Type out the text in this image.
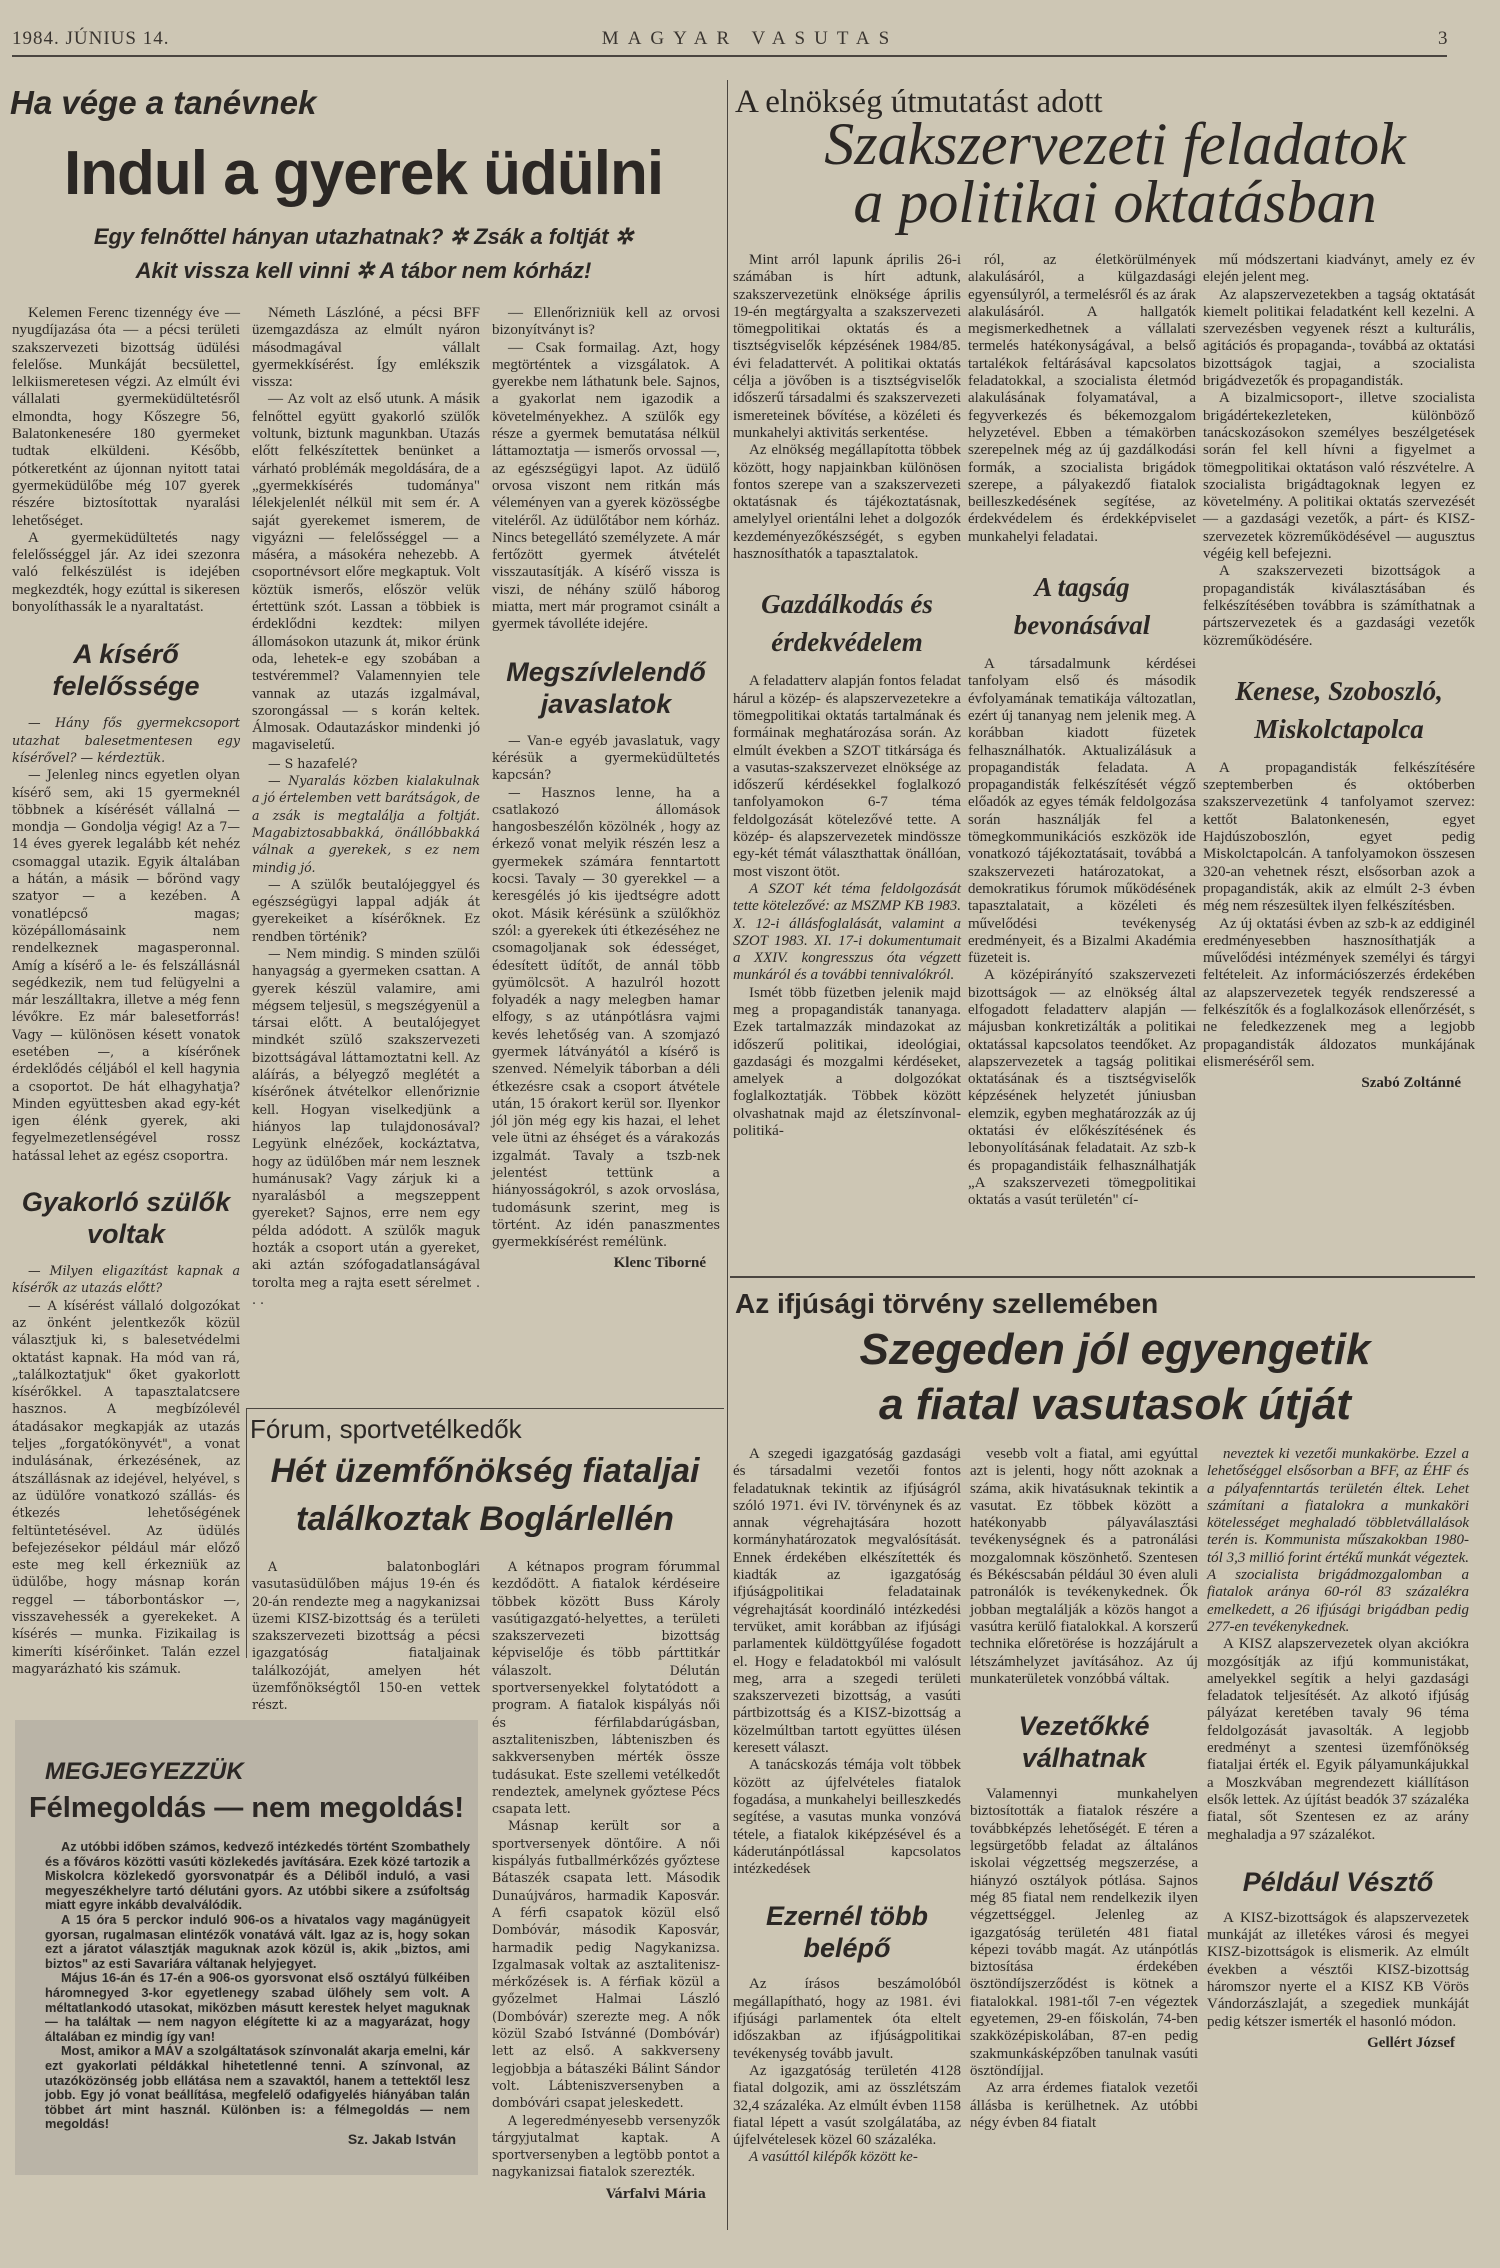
1984. JÚNIUS 14.	MAGYAR VASUTAS	3
Ha vége a tanévnek
Indul a gyerek üdülni
Egy felnőttel hányan utazhatnak? ✲ Zsák a foltját ✲
Akit vissza kell vinni ✲ A tábor nem kórház!

Kelemen Ferenc tizennégy éve — nyugdíjazása óta — a pécsi területi szakszervezeti bizottság üdülési felelőse. Munkáját becsülettel, lelkiismeretesen végzi. Az elmúlt évi vállalati gyermeküdültetésről elmondta, hogy Kőszegre 56, Balatonkenesére 180 gyermeket tudtak elküldeni. Később, pótkeretként az újonnan nyitott tatai gyermeküdülőbe még 107 gyerek részére biztosítottak nyaralási lehetőséget.

A gyermeküdültetés nagy felelősséggel jár. Az idei szezonra való felkészülést is idejében megkezdték, hogy ezúttal is sikeresen bonyolíthassák le a nyaraltatást.

A kísérő felelőssége

— Hány fős gyermekcsoport utazhat balesetmentesen egy kísérővel? — kérdeztük.

— Jelenleg nincs egyetlen olyan kísérő sem, aki 15 gyermeknél többnek a kísérését vállalná — mondja — Gondolja végig! Az a 7—14 éves gyerek legalább két nehéz csomaggal utazik. Egyik általában a hátán, a másik — bőrönd vagy szatyor — a kezében. A vonatlépcső magas; középállomásaink nem rendelkeznek magasperonnal. Amíg a kísérő a le- és felszállásnál segédkezik, nem tud felügyelni a már leszálltakra, illetve a még fenn lévőkre. Ez már balesetforrás! Vagy — különösen késett vonatok esetében —, a kísérőnek érdeklődés céljából el kell hagynia a csoportot. De hát elhagyhatja? Minden együttesben akad egy-két igen élénk gyerek, aki fegyelmezetlenségével rossz hatással lehet az egész csoportra.

Gyakorló szülők voltak

— Milyen eligazítást kapnak a kísérők az utazás előtt?

— A kísérést vállaló dolgozókat az önként jelentkezők közül választjuk ki, s balesetvédelmi oktatást kapnak. Ha mód van rá, „találkoztatjuk" őket gyakorlott kísérőkkel. A tapasztalatcsere hasznos. A megbízólevél átadásakor megkapják az utazás teljes „forgatókönyvét", a vonat indulásának, érkezésének, az átszállásnak az idejével, helyével, s az üdülőre vonatkozó szállás- és étkezés lehetőségének feltüntetésével. Az üdülés befejezésekor például már előző este meg kell érkezniük az üdülőbe, hogy másnap korán reggel — táborbontáskor —, visszavehessék a gyerekeket. A kísérés — munka. Fizikailag is kimeríti kísérőinket. Talán ezzel magyarázható kis számuk.

Németh Lászlóné, a pécsi BFF üzemgazdásza az elmúlt nyáron másodmagával vállalt gyermekkísérést. Így emlékszik vissza:

— Az volt az első utunk. A másik felnőttel együtt gyakorló szülők voltunk, biztunk magunkban. Utazás előtt felkészítettek benünket a várható problémák megoldására, de a „gyermekkísérés tudománya" lélekjelenlét nélkül mit sem ér. A saját gyerekemet ismerem, de vigyázni — felelősséggel — a máséra, a másokéra nehezebb. A csoportnévsort előre megkaptuk. Volt köztük ismerős, először velük értettünk szót. Lassan a többiek is érdeklődni kezdtek: milyen állomásokon utazunk át, mikor érünk oda, lehetek-e egy szobában a testvéremmel? Valamennyien tele vannak az utazás izgalmával, szorongással — s korán keltek. Álmosak. Odautazáskor mindenki jó magaviseletű.

— S hazafelé?

— Nyaralás közben kialakulnak a jó értelemben vett barátságok, de a zsák is megtalálja a foltját. Magabiztosabbakká, önállóbbakká válnak a gyerekek, s ez nem mindig jó.

— A szülők beutalójeggyel és egészségügyi lappal adják át gyerekeiket a kísérőknek. Ez rendben történik?

— Nem mindig. S minden szülői hanyagság a gyermeken csattan. A gyerek készül valamire, ami mégsem teljesül, s megszégyenül a társai előtt. A beutalójegyet mindkét szülő szakszervezeti bizottságával láttamoztatni kell. Az aláírás, a bélyegző meglétét a kísérőnek átvételkor ellenőriznie kell. Hogyan viselkedjünk a hiányos lap tulajdonosával? Legyünk elnézőek, kockáztatva, hogy az üdülőben már nem lesznek humánusak? Vagy zárjuk ki a nyaralásból a megszeppent gyereket? Sajnos, erre nem egy példa adódott. A szülők maguk hozták a csoport után a gyereket, aki aztán szófogadatlanságával torolta meg a rajta esett sérelmet . . .

— Ellenőrizniük kell az orvosi bizonyítványt is?

— Csak formailag. Azt, hogy megtörténtek a vizsgálatok. A gyerekbe nem láthatunk bele. Sajnos, a gyakorlat nem igazodik a követelményekhez. A szülők egy része a gyermek bemutatása nélkül láttamoztatja — ismerős orvossal —, az egészségügyi lapot. Az üdülő orvosa viszont nem ritkán más véleményen van a gyerek közösségbe viteléről. Az üdülőtábor nem kórház. Nincs betegellátó személyzete. A már fertőzött gyermek átvételét visszautasítják. A kísérő vissza is viszi, de néhány szülő háborog miatta, mert már programot csinált a gyermek távolléte idejére.

Megszívlelendő javaslatok

— Van-e egyéb javaslatuk, vagy kérésük a gyermeküdültetés kapcsán?

— Hasznos lenne, ha a csatlakozó állomások hangosbeszélőn közölnék , hogy az érkező vonat melyik részén lesz a gyermekek számára fenntartott kocsi. Tavaly — 30 gyerekkel — a keresgélés jó kis ijedtségre adott okot. Másik kérésünk a szülőkhöz szól: a gyerekek úti étkezéséhez ne csomagoljanak sok édességet, édesített üdítőt, de annál több gyümölcsöt. A hazulról hozott folyadék a nagy melegben hamar elfogy, s az utánpótlásra vajmi kevés lehetőség van. A szomjazó gyermek látványától a kísérő is szenved. Némelyik táborban a déli étkezésre csak a csoport átvétele után, 15 órakort kerül sor. Ilyenkor jól jön még egy kis hazai, el lehet vele ütni az éhséget és a várakozás izgalmát. Tavaly a tszb-nek jelentést tettünk a hiányosságokról, s azok orvoslása, tudomásunk szerint, meg is történt. Az idén panaszmentes gyermekkísérést remélünk.

Klenc Tiborné
Fórum, sportvetélkedők
Hét üzemfőnökség fiataljai
találkoztak Boglárlellén

A balatonboglári vasutasüdülőben május 19-én és 20-án rendezte meg a nagykanizsai üzemi KISZ-bizottság és a területi szakszervezeti bizottság a pécsi igazgatóság fiataljainak találkozóját, amelyen hét üzemfőnökségtől 150-en vettek részt.

A kétnapos program fórummal kezdődött. A fiatalok kérdéseire többek között Buss Károly vasútigazgató-helyettes, a területi szakszervezeti bizottság képviselője és több párttitkár válaszolt. Délután sportversenyekkel folytatódott a program. A fiatalok kispályás női és férfilabdarúgásban, asztaliteniszben, lábteniszben és sakkversenyben mérték össze tudásukat. Este szellemi vetélkedőt rendeztek, amelynek győztese Pécs csapata lett.

Másnap került sor a sportversenyek döntőire. A női kispályás futballmérkőzés győztese Bátaszék csapata lett. Második Dunaújváros, harmadik Kaposvár. A férfi csapatok közül első Dombóvár, második Kaposvár, harmadik pedig Nagykanizsa. Izgalmasak voltak az asztalitenisz-mérkőzések is. A férfiak közül a győzelmet Halmai László (Dombóvár) szerezte meg. A nők közül Szabó Istvánné (Dombóvár) lett az első. A sakkverseny legjobbja a bátaszéki Bálint Sándor volt. Lábteniszversenyben a dombóvári csapat jeleskedett.

A legeredményesebb versenyzők tárgyjutalmat kaptak. A sportversenyben a legtöbb pontot a nagykanizsai fiatalok szerezték.

Várfalvi Mária
MEGJEGYEZZÜK
Félmegoldás — nem megoldás!

Az utóbbi időben számos, kedvező intézkedés történt Szombathely és a főváros közötti vasúti közlekedés javítására. Ezek közé tartozik a Miskolcra közlekedő gyorsvonatpár és a Déliből induló, a vasi megyeszékhelyre tartó délutáni gyors. Az utóbbi sikere a zsúfoltság miatt egyre inkább devalválódik.

A 15 óra 5 perckor induló 906-os a hivatalos vagy magánügyeit gyorsan, rugalmasan elintézők vonatává vált. Igaz az is, hogy sokan ezt a járatot választják maguknak azok közül is, akik „biztos, ami biztos" az esti Savariára váltanak helyjegyet.

Május 16-án és 17-én a 906-os gyorsvonat első osztályú fülkéiben háromnegyed 3-kor egyetlenegy szabad ülőhely sem volt. A méltatlankodó utasokat, miközben másutt kerestek helyet maguknak — ha találtak — nem nagyon elégítette ki az a magyarázat, hogy általában ez mindig így van!

Most, amikor a MÁV a szolgáltatások színvonalát akarja emelni, kár ezt gyakorlati példákkal hihetetlenné tenni. A színvonal, az utazóközönség jobb ellátása nem a szavaktól, hanem a tettektől lesz jobb. Egy jó vonat beállítása, megfelelő odafigyelés hiányában talán többet árt mint használ. Különben is: a félmegoldás — nem megoldás!

Sz. Jakab István
A elnökség útmutatást adott
Szakszervezeti feladatok
a politikai oktatásban

Mint arról lapunk április 26-i számában is hírt adtunk, szakszervezetünk elnöksége április 19-én megtárgyalta a szakszervezeti tömegpolitikai oktatás és a tisztségviselők képzésének 1984/85. évi feladattervét. A politikai oktatás célja a jövőben is a tisztségviselők időszerű társadalmi és szakszervezeti ismereteinek bővítése, a közéleti és munkahelyi aktivitás serkentése.

Az elnökség megállapította többek között, hogy napjainkban különösen fontos szerepe van a szakszervezeti oktatásnak és tájékoztatásnak, amelylyel orientálni lehet a dolgozók kezdeményezőkészségét, s egyben hasznosíthatók a tapasztalatok.

Gazdálkodás és érdekvédelem

A feladatterv alapján fontos feladat hárul a közép- és alapszervezetekre a tömegpolitikai oktatás tartalmának és formáinak meghatározása során. Az elmúlt években a SZOT titkársága és a vasutas-szakszervezet elnöksége az időszerű kérdésekkel foglalkozó tanfolyamokon 6-7 téma feldolgozását kötelezővé tette. A közép- és alapszervezetek mindössze egy-két témát választhattak önállóan, most viszont ötöt.

A SZOT két téma feldolgozását tette kötelezővé: az MSZMP KB 1983. X. 12-i állásfoglalását, valamint a SZOT 1983. XI. 17-i dokumentumait a XXIV. kongresszus óta végzett munkáról és a további tennivalókról.

Ismét több füzetben jelenik majd meg a propagandisták tananyaga. Ezek tartalmazzák mindazokat az időszerű politikai, ideológiai, gazdasági és mozgalmi kérdéseket, amelyek a dolgozókat foglalkoztatják. Többek között olvashatnak majd az életszínvonal-politiká-

ról, az életkörülmények alakulásáról, a külgazdasági egyensúlyról, a termelésről és az árak alakulásáról. A hallgatók megismerkedhetnek a vállalati termelés hatékonyságával, a belső tartalékok feltárásával kapcsolatos feladatokkal, a szocialista életmód alakulásának folyamatával, a fegyverkezés és békemozgalom helyzetével. Ebben a témakörben szerepelnek még az új gazdálkodási formák, a szocialista brigádok szerepe, a pályakezdő fiatalok beilleszkedésének segítése, az érdekvédelem és érdekképviselet munkahelyi feladatai.

A tagság bevonásával

A társadalmunk kérdései tanfolyam első és második évfolyamának tematikája változatlan, ezért új tananyag nem jelenik meg. A korábban kiadott füzetek felhasználhatók. Aktualizálásuk a propagandisták feladata. A propagandisták felkészítését végző előadók az egyes témák feldolgozása során használják fel a tömegkommunikációs eszközök ide vonatkozó tájékoztatásait, továbbá a szakszervezeti határozatokat, a demokratikus fórumok működésének tapasztalatait, a közéleti és művelődési tevékenység eredményeit, és a Bizalmi Akadémia füzeteit is.

A középirányító szakszervezeti bizottságok — az elnökség által elfogadott feladatterv alapján — májusban konkretizálták a politikai oktatással kapcsolatos teendőket. Az alapszervezetek a tagság politikai oktatásának és a tisztségviselők képzésének helyzetét júniusban elemzik, egyben meghatározzák az új oktatási év előkészítésének és lebonyolításának feladatait. Az szb-k és propagandistáik felhasználhatják „A szakszervezeti tömegpolitikai oktatás a vasút területén" cí-

mű módszertani kiadványt, amely ez év elején jelent meg.

Az alapszervezetekben a tagság oktatását kiemelt politikai feladatként kell kezelni. A szervezésben vegyenek részt a kulturális, agitációs és propaganda-, továbbá az oktatási bizottságok tagjai, a szocialista brigádvezetők és propagandisták.

A bizalmicsoport-, illetve szocialista brigádértekezleteken, különböző tanácskozásokon személyes beszélgetések során fel kell hívni a figyelmet a tömegpolitikai oktatáson való részvételre. A szocialista brigádtagoknak legyen ez követelmény. A politikai oktatás szervezését — a gazdasági vezetők, a párt- és KISZ-szervezetek közreműködésével — augusztus végéig kell befejezni.

A szakszervezeti bizottságok a propagandisták kiválasztásában és felkészítésében továbbra is számíthatnak a pártszervezetek és a gazdasági vezetők közreműködésére.

Kenese, Szoboszló, Miskolctapolca

A propagandisták felkészítésére szeptemberben és októberben szakszervezetünk 4 tanfolyamot szervez: kettőt Balatonkenesén, egyet Hajdúszoboszlón, egyet pedig Miskolctapolcán. A tanfolyamokon összesen 320-an vehetnek részt, elsősorban azok a propagandisták, akik az elmúlt 2-3 évben még nem részesültek ilyen felkészítésben.

Az új oktatási évben az szb-k az eddiginél eredményesebben hasznosíthatják a művelődési intézmények személyi és tárgyi feltételeit. Az információszerzés érdekében az alapszervezetek tegyék rendszeressé a felkészítők és a foglalkozások ellenőrzését, s ne feledkezzenek meg a legjobb propagandisták áldozatos munkájának elismeréséről sem.

Szabó Zoltánné
Az ifjúsági törvény szellemében
Szegeden jól egyengetik
a fiatal vasutasok útját

A szegedi igazgatóság gazdasági és társadalmi vezetői fontos feladatuknak tekintik az ifjúságról szóló 1971. évi IV. törvénynek és az annak végrehajtására hozott kormányhatározatok megvalósítását. Ennek érdekében elkészítették és kiadták az igazgatóság ifjúságpolitikai feladatainak végrehajtását koordináló intézkedési tervüket, amit korábban az ifjúsági parlamentek küldöttgyűlése fogadott el. Hogy e feladatokból mi valósult meg, arra a szegedi területi szakszervezeti bizottság, a vasúti pártbizottság és a KISZ-bizottság a közelmúltban tartott együttes ülésen keresett választ.

A tanácskozás témája volt többek között az újfelvételes fiatalok fogadása, a munkahelyi beilleszkedés segítése, a vasutas munka vonzóvá tétele, a fiatalok kiképzésével és a káderutánpótlással kapcsolatos intézkedések

Ezernél több belépő

Az írásos beszámolóból megállapítható, hogy az 1981. évi ifjúsági parlamentek óta eltelt időszakban az ifjúságpolitikai tevékenység tovább javult.

Az igazgatóság területén 4128 fiatal dolgozik, ami az összlétszám 32,4 százaléka. Az elmúlt évben 1158 fiatal lépett a vasút szolgálatába, az újfelvételesek közel 60 százaléka.

A vasúttól kilépők között ke-

vesebb volt a fiatal, ami egyúttal azt is jelenti, hogy nőtt azoknak a száma, akik hivatásuknak tekintik a vasutat. Ez többek között a hatékonyabb pályaválasztási tevékenységnek és a patronálási mozgalomnak köszönhető. Szentesen és Békéscsabán például 30 éven aluli patronálók is tevékenykednek. Ők jobban megtalálják a közös hangot a vasútra kerülő fiatalokkal. A korszerű technika előretörése is hozzájárult a létszámhelyzet javításához. Az új munkaterületek vonzóbbá váltak.

Vezetőkké válhatnak

Valamennyi munkahelyen biztosították a fiatalok részére a továbbképzés lehetőségét. E téren a legsürgetőbb feladat az általános iskolai végzettség megszerzése, a hiányzó osztályok pótlása. Sajnos még 85 fiatal nem rendelkezik ilyen végzettséggel. Jelenleg az igazgatóság területén 481 fiatal képezi tovább magát. Az utánpótlás biztosítása érdekében ösztöndíjszerződést is kötnek a fiatalokkal. 1981-től 7-en végeztek egyetemen, 29-en főiskolán, 74-ben szakközépiskolában, 87-en pedig szakmunkásképzőben tanulnak vasúti ösztöndíjjal.

Az arra érdemes fiatalok vezetői állásba is kerülhetnek. Az utóbbi négy évben 84 fiatalt

neveztek ki vezetői munkakörbe. Ezzel a lehetőséggel elsősorban a BFF, az ÉHF és a pályafenntartás területén éltek. Lehet számítani a fiatalokra a munkaköri kötelességet meghaladó többletvállalások terén is. Kommunista műszakokban 1980-tól 3,3 millió forint értékű munkát végeztek. A szocialista brigádmozgalomban a fiatalok aránya 60-ról 83 százalékra emelkedett, a 26 ifjúsági brigádban pedig 277-en tevékenykednek.

A KISZ alapszervezetek olyan akciókra mozgósítják az ifjú kommunistákat, amelyekkel segítik a helyi gazdasági feladatok teljesítését. Az alkotó ifjúság pályázat keretében tavaly 96 téma feldolgozását javasolták. A legjobb eredményt a szentesi üzemfőnökség fiataljai érték el. Egyik pályamunkájukkal a Moszkvában megrendezett kiállításon elsők lettek. Az újítást beadók 37 százaléka fiatal, sőt Szentesen ez az arány meghaladja a 97 százalékot.

Például Vésztő

A KISZ-bizottságok és alapszervezetek munkáját az illetékes városi és megyei KISZ-bizottságok is elismerik. Az elmúlt években a vésztői KISZ-bizottság háromszor nyerte el a KISZ KB Vörös Vándorzászlaját, a szegediek munkáját pedig kétszer ismerték el hasonló módon.

Gellért József
